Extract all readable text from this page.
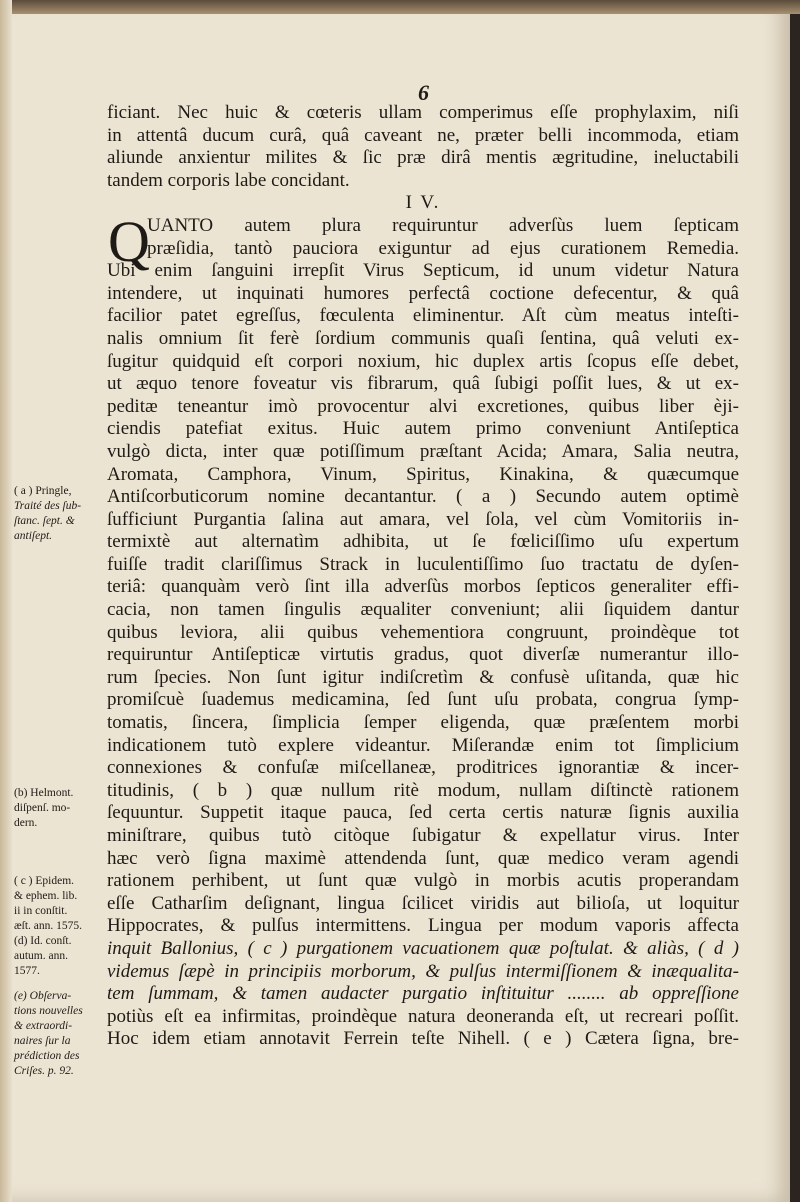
6
Q
ficiant. Nec huic & cœteris ullam comperimus eſſe prophylaxim, niſi
in attentâ ducum curâ, quâ caveant ne, præter belli incommoda, etiam
aliunde anxientur milites & ſic præ dirâ mentis ægritudine, ineluctabili
tandem corporis labe concidant.
I V.
UANTO autem plura requiruntur adverſùs luem ſepticam
præſidia, tantò pauciora exiguntur ad ejus curationem Remedia.
Ubi enim ſanguini irrepſit Virus Septicum, id unum videtur Natura
intendere, ut inquinati humores perfectâ coctione defecentur, & quâ
facilior patet egreſſus, fœculenta eliminentur. Aſt cùm meatus inteſti-
nalis omnium ſit ferè ſordium communis quaſi ſentina, quâ veluti ex-
ſugitur quidquid eſt corpori noxium, hic duplex artis ſcopus eſſe debet,
ut æquo tenore foveatur vis fibrarum, quâ ſubigi poſſit lues, & ut ex-
peditæ teneantur imò provocentur alvi excretiones, quibus liber èji-
ciendis patefiat exitus. Huic autem primo conveniunt Antiſeptica
vulgò dicta, inter quæ potiſſimum præſtant Acida; Amara, Salia neutra,
Aromata, Camphora, Vinum, Spiritus, Kinakina, & quæcumque
Antiſcorbuticorum nomine decantantur. ( a ) Secundo autem optimè
ſufficiunt Purgantia ſalina aut amara, vel ſola, vel cùm Vomitoriis in-
termixtè aut alternatìm adhibita, ut ſe fœliciſſimo uſu expertum
fuiſſe tradit clariſſimus Strack in luculentiſſimo ſuo tractatu de dyſen-
teriâ: quanquàm verò ſint illa adverſùs morbos ſepticos generaliter effi-
cacia, non tamen ſingulis æqualiter conveniunt; alii ſiquidem dantur
quibus leviora, alii quibus vehementiora congruunt, proindèque tot
requiruntur Antiſepticæ virtutis gradus, quot diverſæ numerantur illo-
rum ſpecies. Non ſunt igitur indiſcretìm & confusè uſitanda, quæ hic
promiſcuè ſuademus medicamina, ſed ſunt uſu probata, congrua ſymp-
tomatis, ſincera, ſimplicia ſemper eligenda, quæ præſentem morbi
indicationem tutò explere videantur. Miſerandæ enim tot ſimplicium
connexiones & confuſæ miſcellaneæ, proditrices ignorantiæ & incer-
titudinis, ( b ) quæ nullum ritè modum, nullam diſtinctè rationem
ſequuntur. Suppetit itaque pauca, ſed certa certis naturæ ſignis auxilia
miniſtrare, quibus tutò citòque ſubigatur & expellatur virus. Inter
hæc verò ſigna maximè attendenda ſunt, quæ medico veram agendi
rationem perhibent, ut ſunt quæ vulgò in morbis acutis properandam
eſſe Catharſim deſignant, lingua ſcilicet viridis aut bilioſa, ut loquitur
Hippocrates, & pulſus intermittens. Lingua per modum vaporis affecta
inquit Ballonius, ( c ) purgationem vacuationem quæ poſtulat. & aliàs, ( d )
videmus ſæpè in principiis morborum, & pulſus intermiſſionem & inæqualita-
tem ſummam, & tamen audacter purgatio inſtituitur ........ ab oppreſſione
potiùs eſt ea infirmitas, proindèque natura deoneranda eſt, ut recreari poſſit.
Hoc idem etiam annotavit Ferrein teſte Nihell. ( e ) Cætera ſigna, bre-
( a ) Pringle,
Traité des ſub-
ſtanc. ſept. &
antiſept.
(b) Helmont.
diſpenſ. mo-
dern.
( c ) Epidem.
& ephem. lib.
ii in conſtit.
æſt. ann. 1575.
(d) Id. conſt.
autum. ann.
1577.
(e) Obſerva-
tions nouvelles
& extraordi-
naires ſur la
prédiction des
Criſes. p. 92.
